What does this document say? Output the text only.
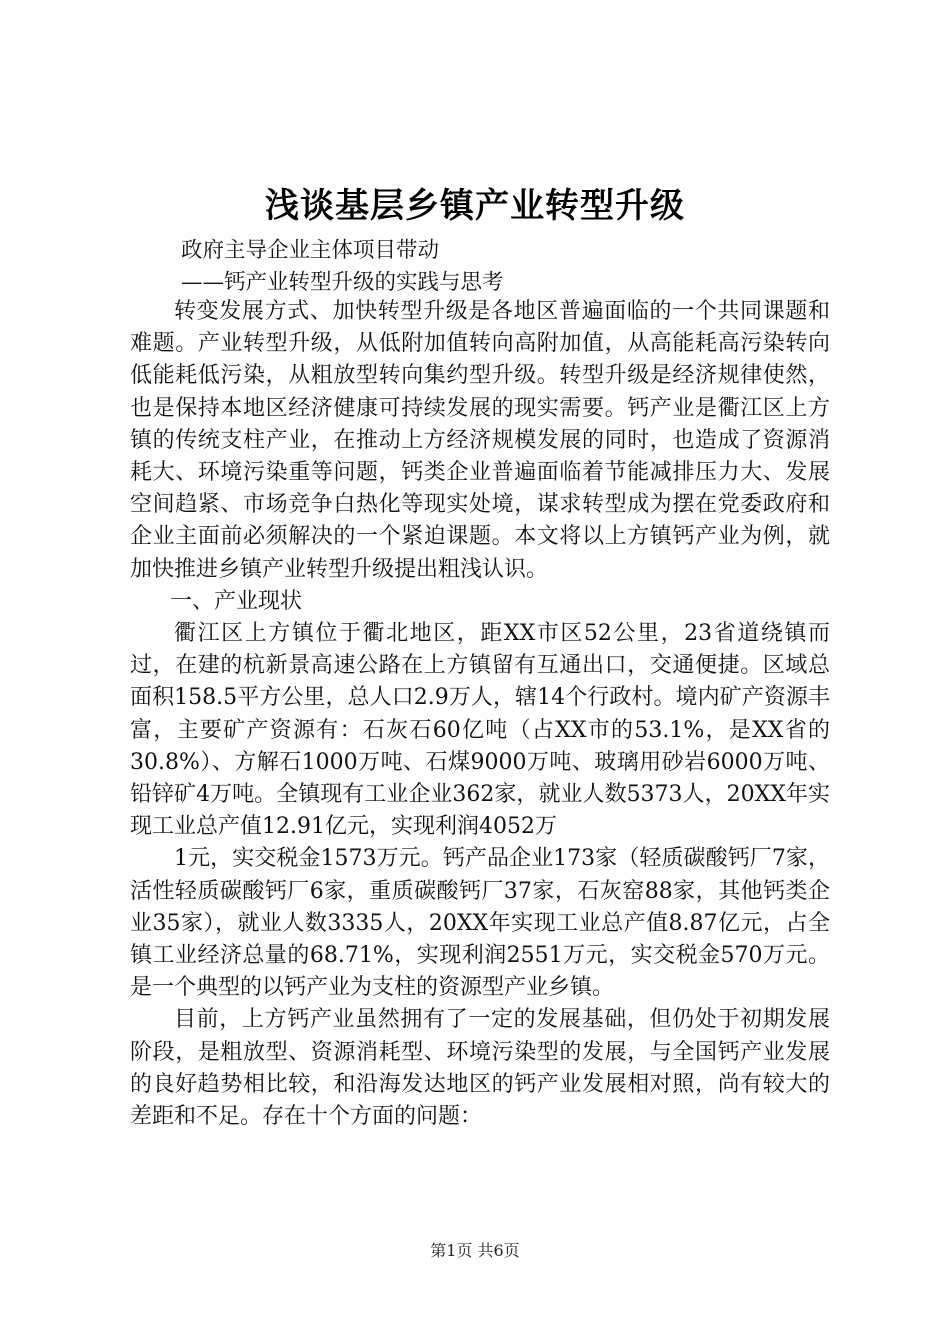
浅谈基层乡镇产业转型升级
政府主导企业主体项目带动
——钙产业转型升级的实践与思考

转变发展方式、加快转型升级是各地区普遍面临的一个共同课题和难题。产业转型升级，从低附加值转向高附加值，从高能耗高污染转向低能耗低污染，从粗放型转向集约型升级。转型升级是经济规律使然，也是保持本地区经济健康可持续发展的现实需要。钙产业是衢江区上方镇的传统支柱产业，在推动上方经济规模发展的同时，也造成了资源消耗大、环境污染重等问题，钙类企业普遍面临着节能减排压力大、发展空间趋紧、市场竞争白热化等现实处境，谋求转型成为摆在党委政府和企业主面前必须解决的一个紧迫课题。本文将以上方镇钙产业为例，就加快推进乡镇产业转型升级提出粗浅认识。

一、产业现状

衢江区上方镇位于衢北地区，距XX市区52公里，23省道绕镇而过，在建的杭新景高速公路在上方镇留有互通出口，交通便捷。区域总面积158.5平方公里，总人口2.9万人，辖14个行政村。境内矿产资源丰富，主要矿产资源有：石灰石60亿吨（占XX市的53.1%，是XX省的30.8%）、方解石1000万吨、石煤9000万吨、玻璃用砂岩6000万吨、铅锌矿4万吨。全镇现有工业企业362家，就业人数5373人，20XX年实现工业总产值12.91亿元，实现利润4052万

1元，实交税金1573万元。钙产品企业173家（轻质碳酸钙厂7家，活性轻质碳酸钙厂6家，重质碳酸钙厂37家，石灰窑88家，其他钙类企业35家），就业人数3335人，20XX年实现工业总产值8.87亿元，占全镇工业经济总量的68.71%，实现利润2551万元，实交税金570万元。是一个典型的以钙产业为支柱的资源型产业乡镇。

目前，上方钙产业虽然拥有了一定的发展基础，但仍处于初期发展阶段，是粗放型、资源消耗型、环境污染型的发展，与全国钙产业发展的良好趋势相比较，和沿海发达地区的钙产业发展相对照，尚有较大的差距和不足。存在十个方面的问题：

第1页 共6页
